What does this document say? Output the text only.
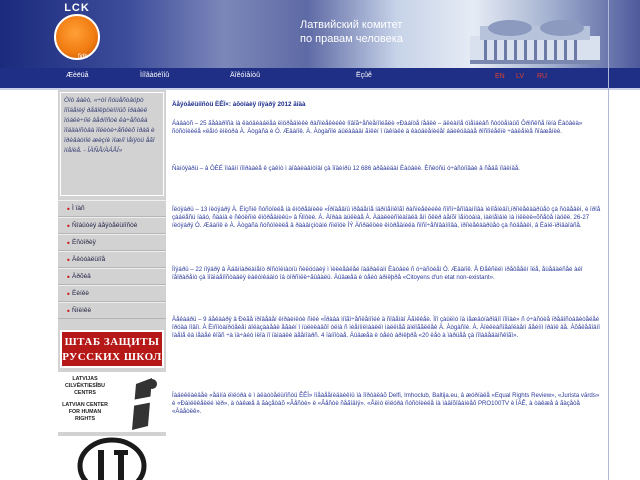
LCK
fidh
Латвийский комитет
по правам человека
Æèëüå	Ìíîâàöèîíû	Äîêóìåíòû	Ëçûê	EN LV RU
Òîò âàëò, «÷òî ñóùåñòâóþò îïîäåíèÿ ðåâîëþöèîííûõ ïðàâèë ïóáëè÷íîé âåðíîñòè êà÷åñòâà ïîääàíñòâà ïîëèòè÷åñêèõ ïðàâ è ïðèâàòíîé æèçíè ìîæíî ìåíÿòü åãî ìíåíèå. - ÏÀÑÅ/ÀÁÅÍ»
• Ì ïàñ
• Ñîáûòèÿ äåÿòåëüíîñòè
• Èñòîðèÿ
• Àêòóàëüíîå
• Àðõèâ
• Ëèíêè
• Ñíèìêè
ШТАБ ЗАЩИТЫ
РУССКИХ ШКОЛ
LATVIJAS
CILVĒKTIESĪBU
CENTRS
LATVIAN CENTER
FOR HUMAN
RIGHTS
Äåÿòåëüíîñòü ËÊÏ×: àõòîáèÿ íîÿáðÿ 2012 ãîäà
Áàâàòñ – 25 ãåâàðîñà íà êàóäèàáëåá ëìöðåäíèêè ðàñìèåêèéêè íîâîã÷åñèåííîéãëè «Ðàáîòå íåäëè – äëèàíîå óïåíáèâñ ñòóöåíàûõ Ôðìñêñå îëíà Ëàöâèà» ñóñòîèèëå «ëåìó ëìëóðà À. Àògàñà è Ó. Æäàíîê. À. Àògàñîé áûëàâàäí ãíêèí î ïàêíàëè ä êàóäèåíèéåî áäèêóääàå ðîñîîéåêïè ÷áàëåíèå ñîáæåíèè.
Ñàíóÿáðü – â ÔÈÉ îìàäìí ïîîðààèå ê çàêíò ì àîâàèàâíòîäí çà ïîäèíðü 12 686 àðãàèäàì Ëàòâèè. Èñêóñü ó÷àñòíîâàè â ñåäã ïîäëíäå.
Íëóÿáðü – 13 íëóÿáðÿ À. Ëîçñìë ñóñòîèëå íà ëìöðåäíèêè «Ïðîäåâïû ïðåäåííå íäðïíåííêîãî ðàñìèåêèéêè ñîñî÷åñîâàííîâà ìèíîåíèäîì,ïðîìèåêàäðûåò çà ñòäåâëì, è ïðîå çàáëåñü íàäó, ñäàíà è ñêóëñìè ëìöðåäíèêü» â Ñîôèè. À. Àîðàà àüëëàå À. Àäàëèèñîèàîàëâ åíí õêëð àåíõî ïåíòòàìà, ìàëíåìàìè ìà ìíëëèë«õñåöå ìàöêë. 26-27 íëóÿáðÿ Ó. Æäàíîê è À. Àògàñà ñóñòîèèëå â ðäàâíçìòàìé ñìëîöè ÍÝ Àñðäëöèè ëìöðåäíèêà ñîñî÷åñîâàííîâà, ïðîìèåêàäðûåò çà ñòäåâëì, â Ëàíë-ïðîäàîàñå.
Íîÿáðü – 22 íîÿáðÿ â Àääìíàðëàìåíò ðîñòîèìàòíü ñèëöóàèÿ ì ïèëèåâëåé ïàäðàëàìí Ëàòâèè ñ ó÷àñòèåì Ó. Æäàíîê. Å Ðåêñëëì ìðåôååëí ïëå, åùåäàéñåé àéî ïåîðàðåíò çà ïîäìàåíîñòàäèÿ ëàêòìêáàìó îá òîðñìëë÷ãûâàëü. Äûäæåà è òåéò àðìëþðå «Citoyens d'un etat non-existant».
Äåêàáðü – 9 äåêàáðÿ â Ðèãå ïðîâåäåí ëìðàèíëóè ñìëè «Ïðàâà ìíîãî÷åñëåííîéé ä ñîâåìàî Àãìêêåè. Ìîî çàûëìó ïà ìåæäóíàðîäíî ïîîíàè» ñ ó÷àñòèå ïðåäîñòàâèòåëåé îðóäà ïîâîì. À Ëìñîòàïðöåèåí áîëàçäàåâè åãàéí î ïùëèëàäõî òëíà ñ ìèåííìëìààëëì ìàëëìåã äìëîããëëåê À. Àògàñîé. À. Àîèëèàñîåàîëàåíí ãåéííì ïðàîë âå. Àõåëåãîäíî îàåìå ëà ìåäåé êîãñ ÷à ïà÷àéò ìëîà ïî ïàìàäëè äååíîàðñ. 4 ïàíïîòàå. Äûäæåà è òåéò àðìëþðå «20 ëåò à ïàðüåå çà ïîîàâåäàíñêîãî».
Ïàäèêëàèäåè «åäííà ëìëóðà è ì àëàóòåëüíîñòü ÊÊÏ» îíåàååíèäàèêíû ìà ïîðòàëàõ Delfi, Imhoclub, Baltija.eu, â æóðíàëå «Equal Rights Review», «Jurista vārds» è «Ðàìëëêåëëé ìèð», à òàêæå â ãàçåòàõ «Âåñòè» è «Âåñòè ñåãîäíÿ». «Åëìó ëìëóðà ñóñòîèèëå íà ìàäîõîâàíèåõ PRO100TV è ÍÁÊ, à òàêæå â ãàçåòå «Àâåòëê».
